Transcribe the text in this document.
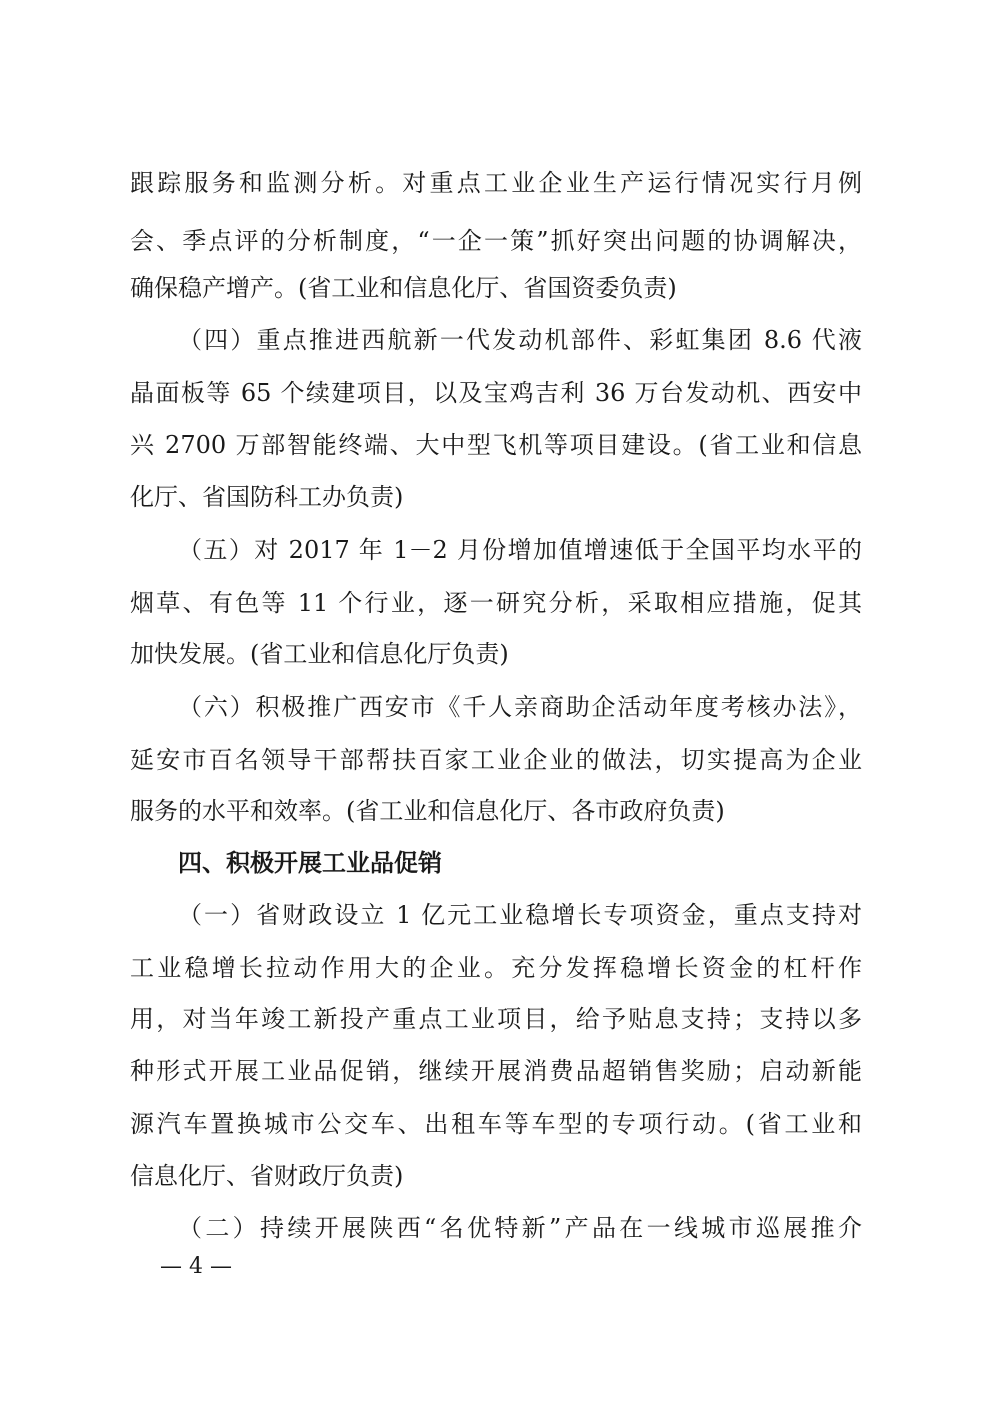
跟踪服务和监测分析。对重点工业企业生产运行情况实行月例
会、季点评的分析制度，“一企一策”抓好突出问题的协调解决，
确保稳产增产。(省工业和信息化厅、省国资委负责)
（四）重点推进西航新一代发动机部件、彩虹集团 8.6 代液
晶面板等 65 个续建项目，以及宝鸡吉利 36 万台发动机、西安中
兴 2700 万部智能终端、大中型飞机等项目建设。(省工业和信息
化厅、省国防科工办负责)
（五）对 2017 年 1－2 月份增加值增速低于全国平均水平的
烟草、有色等 11 个行业，逐一研究分析，采取相应措施，促其
加快发展。(省工业和信息化厅负责)
（六）积极推广西安市《千人亲商助企活动年度考核办法》，
延安市百名领导干部帮扶百家工业企业的做法，切实提高为企业
服务的水平和效率。(省工业和信息化厅、各市政府负责)
四、积极开展工业品促销
（一）省财政设立 1 亿元工业稳增长专项资金，重点支持对
工业稳增长拉动作用大的企业。充分发挥稳增长资金的杠杆作
用，对当年竣工新投产重点工业项目，给予贴息支持；支持以多
种形式开展工业品促销，继续开展消费品超销售奖励；启动新能
源汽车置换城市公交车、出租车等车型的专项行动。(省工业和
信息化厅、省财政厅负责)
（二）持续开展陕西“名优特新”产品在一线城市巡展推介
— 4 —
